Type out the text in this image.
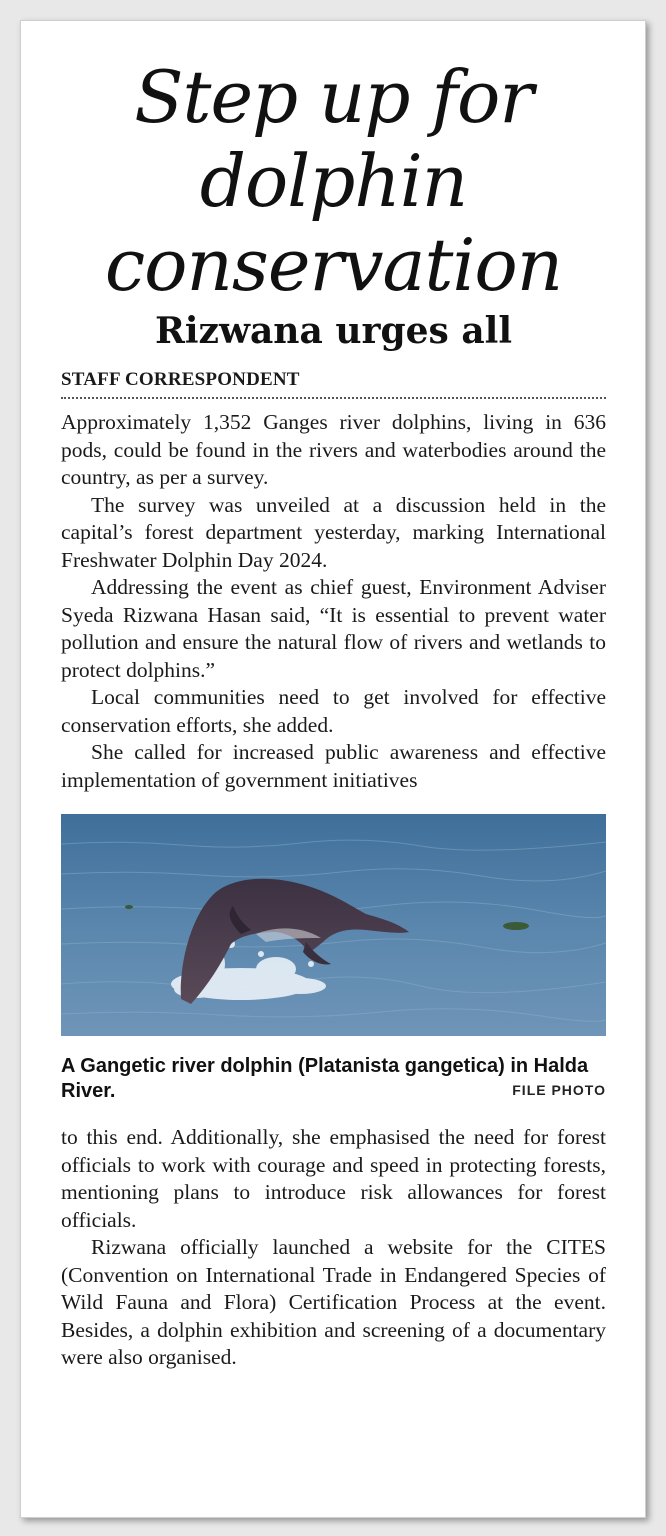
Step up for dolphin conservation
Rizwana urges all
STAFF CORRESPONDENT

Approximately 1,352 Ganges river dolphins, living in 636 pods, could be found in the rivers and waterbodies around the country, as per a survey.

The survey was unveiled at a discussion held in the capital’s forest department yesterday, marking International Freshwater Dolphin Day 2024.

Addressing the event as chief guest, Environment Adviser Syeda Rizwana Hasan said, “It is essential to prevent water pollution and ensure the natural flow of rivers and wetlands to protect dolphins.”

Local communities need to get involved for effective conservation efforts, she added.

She called for increased public awareness and effective implementation of government initiatives

A Gangetic river dolphin (Platanista gangetica) in Halda River.	FILE PHOTO

to this end. Additionally, she emphasised the need for forest officials to work with courage and speed in protecting forests, mentioning plans to introduce risk allowances for forest officials.

Rizwana officially launched a website for the CITES (Convention on International Trade in Endangered Species of Wild Fauna and Flora) Certification Process at the event. Besides, a dolphin exhibition and screening of a documentary were also organised.
